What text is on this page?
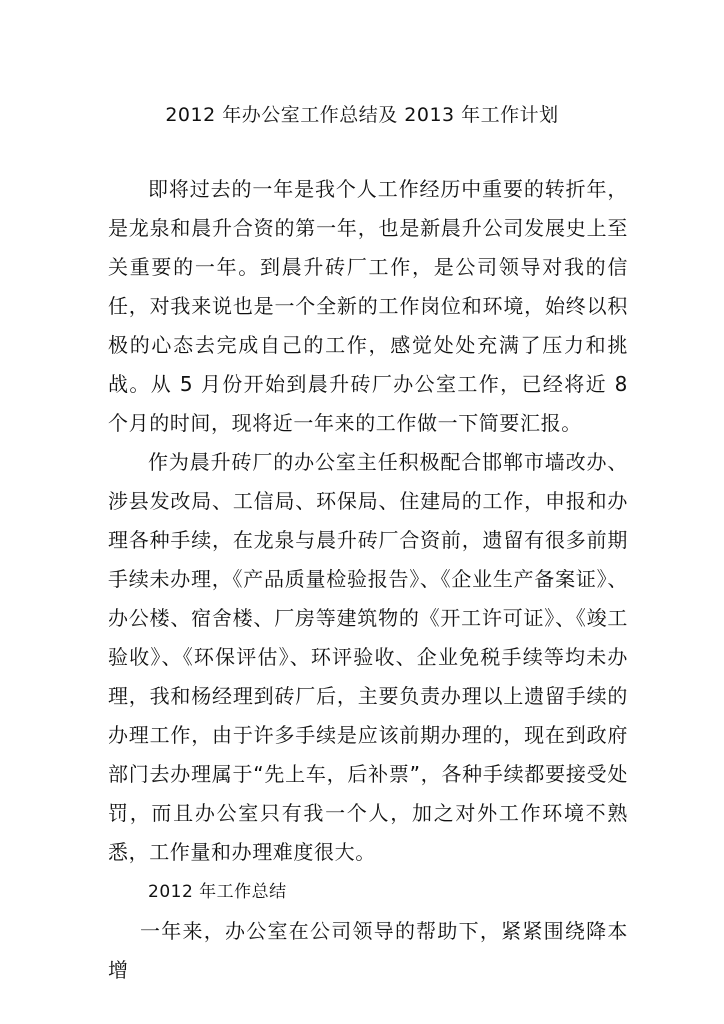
2012 年办公室工作总结及 2013 年工作计划

即将过去的一年是我个人工作经历中重要的转折年，是龙泉和晨升合资的第一年，也是新晨升公司发展史上至关重要的一年。到晨升砖厂工作，是公司领导对我的信任，对我来说也是一个全新的工作岗位和环境，始终以积极的心态去完成自己的工作，感觉处处充满了压力和挑战。从 5 月份开始到晨升砖厂办公室工作，已经将近 8 个月的时间，现将近一年来的工作做一下简要汇报。

作为晨升砖厂的办公室主任积极配合邯郸市墙改办、涉县发改局、工信局、环保局、住建局的工作，申报和办理各种手续，在龙泉与晨升砖厂合资前，遗留有很多前期手续未办理，《产品质量检验报告》、《企业生产备案证》、办公楼、宿舍楼、厂房等建筑物的《开工许可证》、《竣工验收》、《环保评估》、环评验收、企业免税手续等均未办理，我和杨经理到砖厂后，主要负责办理以上遗留手续的办理工作，由于许多手续是应该前期办理的，现在到政府部门去办理属于“先上车，后补票”，各种手续都要接受处罚，而且办公室只有我一个人，加之对外工作环境不熟悉，工作量和办理难度很大。

2012 年工作总结

一年来，办公室在公司领导的帮助下，紧紧围绕降本增
